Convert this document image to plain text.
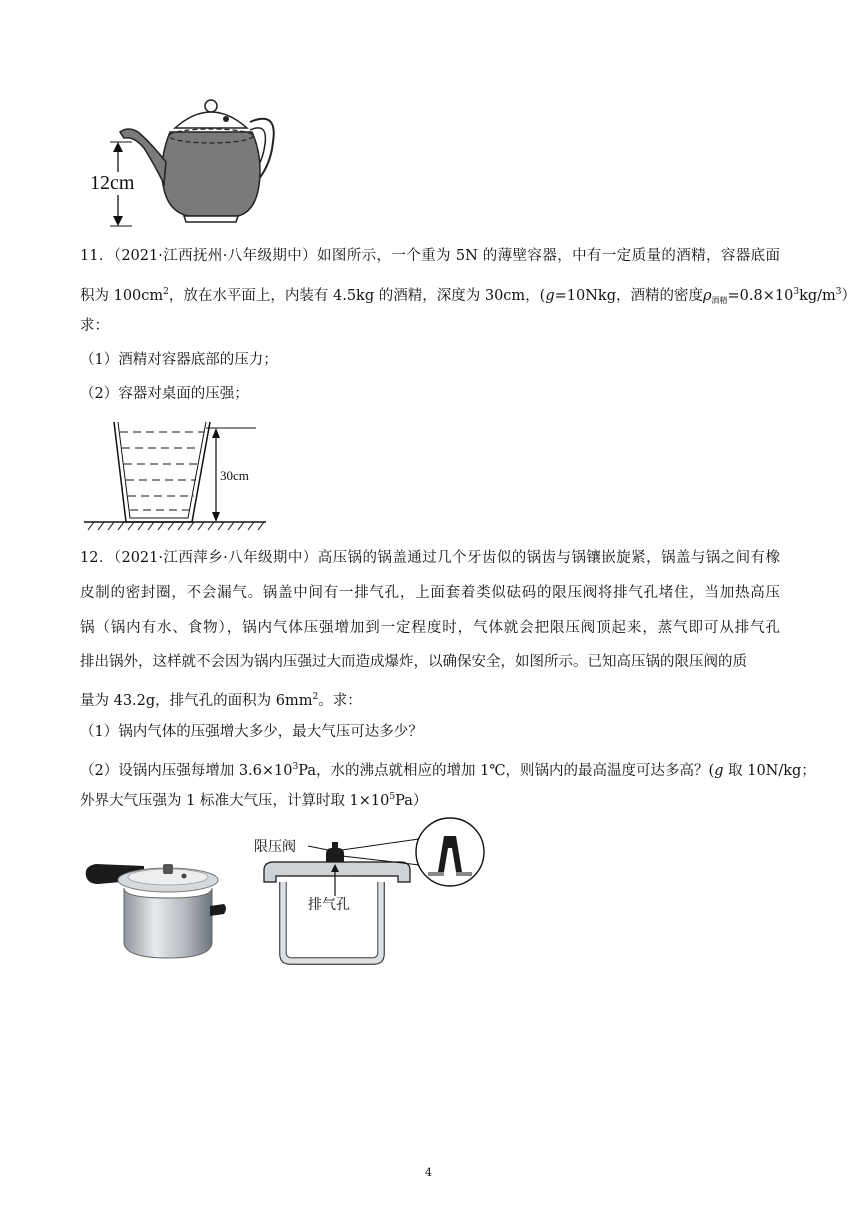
12cm
11．（2021·江西抚州·八年级期中）如图所示，一个重为 5N 的薄壁容器，中有一定质量的酒精，容器底面
积为 $100cm^2$，放在水平面上，内装有 4.5kg 的酒精，深度为 30cm，(g=10Nkg，酒精的密度$\rho_{酒精}=0.8\times 10^3kg/m^3$）
求：
（1）酒精对容器底部的压力；
（2）容器对桌面的压强；
30cm
12．（2021·江西萍乡·八年级期中）高压锅的锅盖通过几个牙齿似的锅齿与锅镶嵌旋紧，锅盖与锅之间有橡
皮制的密封圈，不会漏气。锅盖中间有一排气孔，上面套着类似砝码的限压阀将排气孔堵住，当加热高压
锅（锅内有水、食物），锅内气体压强增加到一定程度时，气体就会把限压阀顶起来，蒸气即可从排气孔
排出锅外，这样就不会因为锅内压强过大而造成爆炸，以确保安全，如图所示。已知高压锅的限压阀的质
量为 43.2g，排气孔的面积为 $6mm^2$。求：
（1）锅内气体的压强增大多少，最大气压可达多少？
（2）设锅内压强每增加 $3.6\times 10^3Pa$，水的沸点就相应的增加 1℃，则锅内的最高温度可达多高？(g 取 10N/kg；
外界大气压强为 1 标准大气压，计算时取 $1\times 10^5Pa$）
限压阀
排气孔
4
